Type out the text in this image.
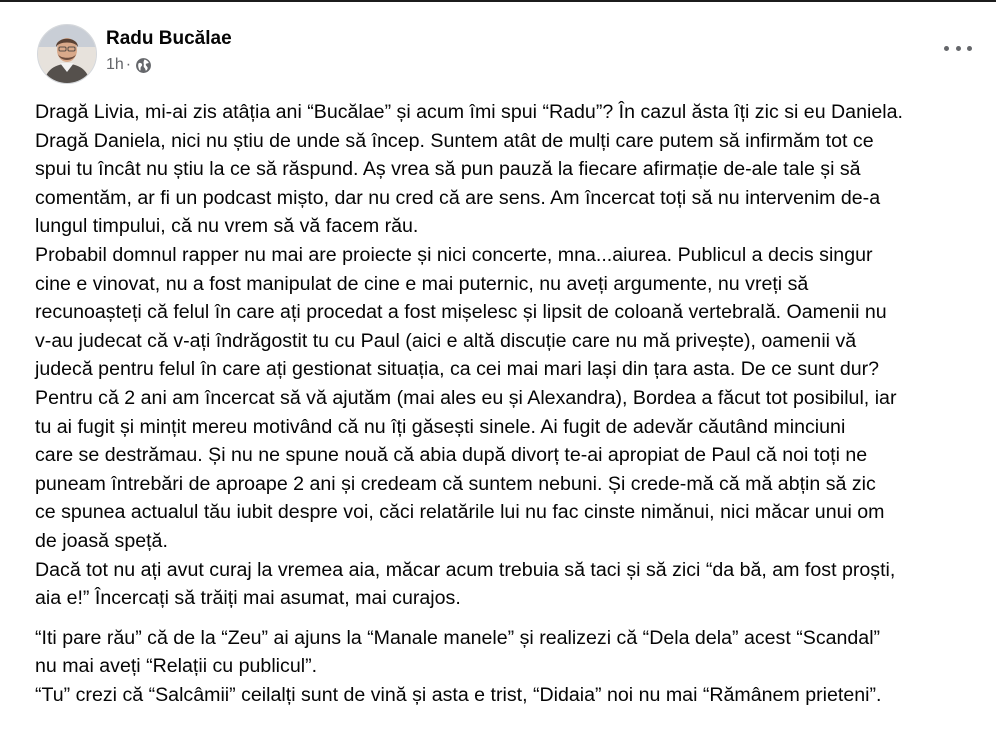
Radu Bucălae
1h ·

Dragă Livia, mi-ai zis atâția ani “Bucălae” și acum îmi spui “Radu”? În cazul ăsta îți zic si eu Daniela.

Dragă Daniela, nici nu știu de unde să încep. Suntem atât de mulți care putem să infirmăm tot ce

spui tu încât nu știu la ce să răspund. Aș vrea să pun pauză la fiecare afirmație de-ale tale și să

comentăm, ar fi un podcast mișto, dar nu cred că are sens. Am încercat toți să nu intervenim de-a

lungul timpului, că nu vrem să vă facem rău.

Probabil domnul rapper nu mai are proiecte și nici concerte, mna...aiurea. Publicul a decis singur

cine e vinovat, nu a fost manipulat de cine e mai puternic, nu aveți argumente, nu vreți să

recunoașteți că felul în care ați procedat a fost mișelesc și lipsit de coloană vertebrală. Oamenii nu

v-au judecat că v-ați îndrăgostit tu cu Paul (aici e altă discuție care nu mă privește), oamenii vă

judecă pentru felul în care ați gestionat situația, ca cei mai mari lași din țara asta. De ce sunt dur?

Pentru că 2 ani am încercat să vă ajutăm (mai ales eu și Alexandra), Bordea a făcut tot posibilul, iar

tu ai fugit și mințit mereu motivând că nu îți găsești sinele. Ai fugit de adevăr căutând minciuni

care se destrămau. Și nu ne spune nouă că abia după divorț te-ai apropiat de Paul că noi toți ne

puneam întrebări de aproape 2 ani și credeam că suntem nebuni. Și crede-mă că mă abțin să zic

ce spunea actualul tău iubit despre voi, căci relatările lui nu fac cinste nimănui, nici măcar unui om

de joasă speță.

Dacă tot nu ați avut curaj la vremea aia, măcar acum trebuia să taci și să zici “da bă, am fost proști,

aia e!” Încercați să trăiți mai asumat, mai curajos.

“Iti pare rău” că de la “Zeu” ai ajuns la “Manale manele” și realizezi că “Dela dela” acest “Scandal”

nu mai aveți “Relații cu publicul”.

“Tu” crezi că “Salcâmii” ceilalți sunt de vină și asta e trist, “Didaia” noi nu mai “Rămânem prieteni”.
